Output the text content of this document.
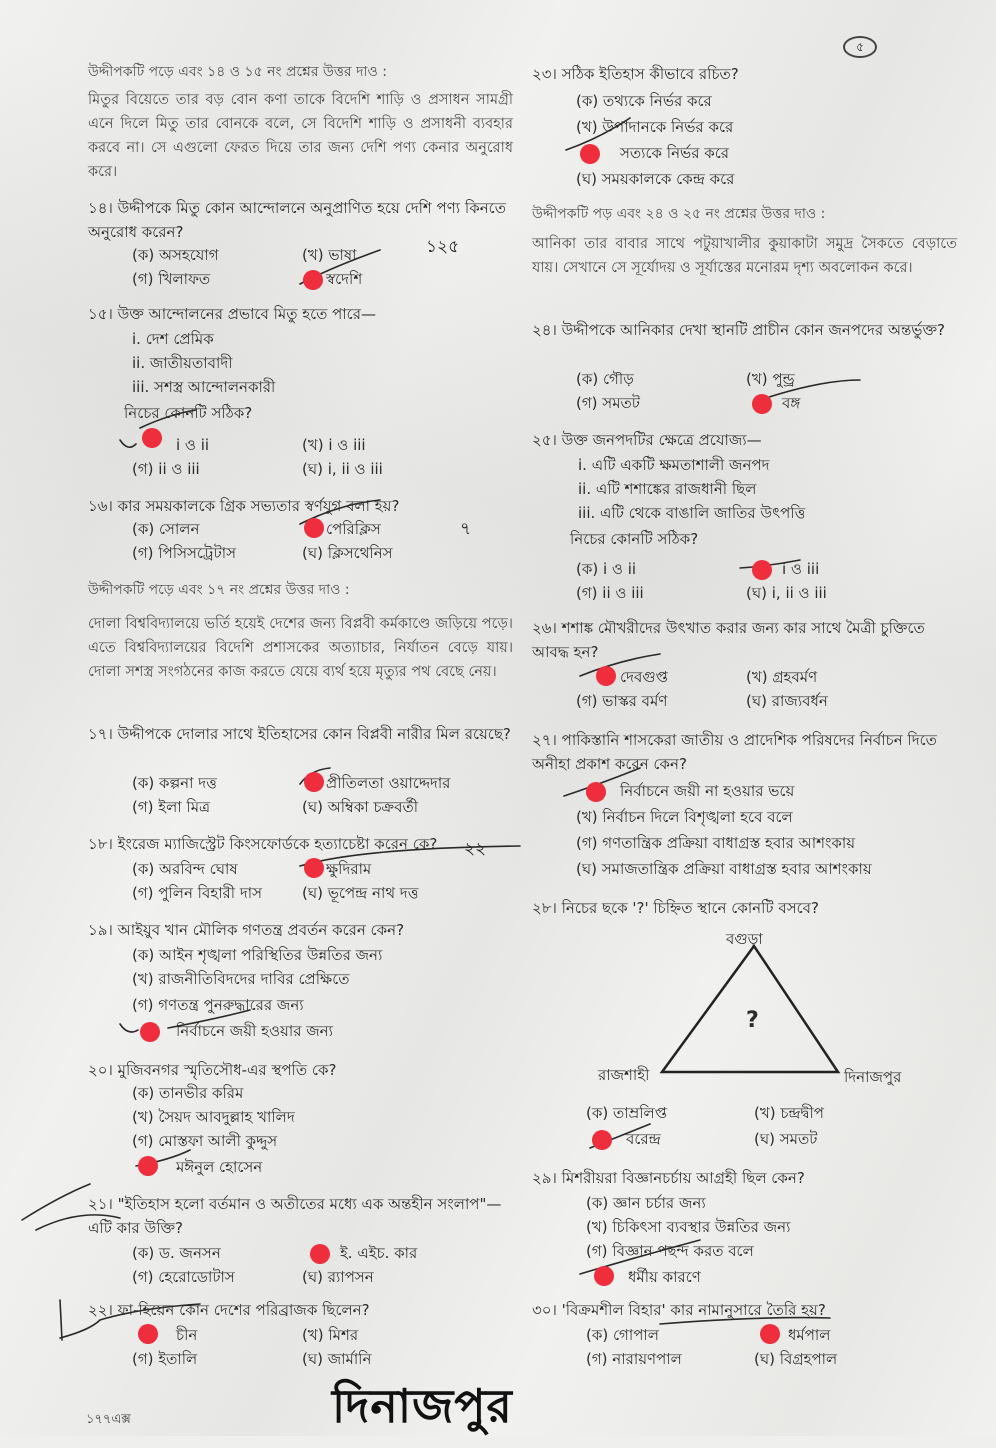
৫
উদ্দীপকটি পড়ে এবং ১৪ ও ১৫ নং প্রশ্নের উত্তর দাও :
মিতুর বিয়েতে তার বড় বোন কণা তাকে বিদেশি শাড়ি ও প্রসাধন সামগ্রী এনে দিলে মিতু তার বোনকে বলে, সে বিদেশি শাড়ি ও প্রসাধনী ব্যবহার করবে না। সে এগুলো ফেরত দিয়ে তার জন্য দেশি পণ্য কেনার অনুরোধ করে।
১৪। উদ্দীপকে মিতু কোন আন্দোলনে অনুপ্রাণিত হয়ে দেশি পণ্য কিনতে অনুরোধ করেন?
(ক) অসহযোগ	(খ) ভাষা
(গ) খিলাফত	স্বদেশি
১২৫
১৫। উক্ত আন্দোলনের প্রভাবে মিতু হতে পারে—
i. দেশ প্রেমিক
ii. জাতীয়তাবাদী
iii. সশস্ত্র আন্দোলনকারী
নিচের কোনটি সঠিক?
i ও ii	(খ) i ও iii
(গ) ii ও iii	(ঘ) i, ii ও iii
১৬। কার সময়কালকে গ্রিক সভ্যতার স্বর্ণযুগ বলা হয়?
(ক) সোলন	পেরিক্লিস
(গ) পিসিসট্রেটাস	(ঘ) ক্লিসথেনিস
৭
উদ্দীপকটি পড়ে এবং ১৭ নং প্রশ্নের উত্তর দাও :
দোলা বিশ্ববিদ্যালয়ে ভর্তি হয়েই দেশের জন্য বিপ্লবী কর্মকাণ্ডে জড়িয়ে পড়ে। এতে বিশ্ববিদ্যালয়ের বিদেশি প্রশাসকের অত্যাচার, নির্যাতন বেড়ে যায়। দোলা সশস্ত্র সংগঠনের কাজ করতে যেয়ে ব্যর্থ হয়ে মৃত্যুর পথ বেছে নেয়।
১৭। উদ্দীপকে দোলার সাথে ইতিহাসের কোন বিপ্লবী নারীর মিল রয়েছে?
(ক) কল্পনা দত্ত	প্রীতিলতা ওয়াদ্দেদার
(গ) ইলা মিত্র	(ঘ) অম্বিকা চক্রবর্তী
১৮। ইংরেজ ম্যাজিস্ট্রেট কিংসফোর্ডকে হত্যাচেষ্টা করেন কে?
(ক) অরবিন্দ ঘোষ	ক্ষুদিরাম
(গ) পুলিন বিহারী দাস	(ঘ) ভূপেন্দ্র নাথ দত্ত
২২
১৯। আইয়ুব খান মৌলিক গণতন্ত্র প্রবর্তন করেন কেন?
(ক) আইন শৃঙ্খলা পরিস্থিতির উন্নতির জন্য
(খ) রাজনীতিবিদদের দাবির প্রেক্ষিতে
(গ) গণতন্ত্র পুনরুদ্ধারের জন্য
নির্বাচনে জয়ী হওয়ার জন্য
২০। মুজিবনগর স্মৃতিসৌধ-এর স্থপতি কে?
(ক) তানভীর করিম
(খ) সৈয়দ আবদুল্লাহ খালিদ
(গ) মোস্তফা আলী কুদ্দুস
মঈনুল হোসেন
২১। "ইতিহাস হলো বর্তমান ও অতীতের মধ্যে এক অন্তহীন সংলাপ"—এটি কার উক্তি?
(ক) ড. জনসন	ই. এইচ. কার
(গ) হেরোডোটাস	(ঘ) র‍্যাপসন
২২। ফা-হিয়েন কোন দেশের পরিব্রাজক ছিলেন?
চীন	(খ) মিশর
(গ) ইতালি	(ঘ) জার্মানি
২৩। সঠিক ইতিহাস কীভাবে রচিত?
(ক) তথ্যকে নির্ভর করে
(খ) উপাদানকে নির্ভর করে
সত্যকে নির্ভর করে
(ঘ) সময়কালকে কেন্দ্র করে
উদ্দীপকটি পড় এবং ২৪ ও ২৫ নং প্রশ্নের উত্তর দাও :
আনিকা তার বাবার সাথে পটুয়াখালীর কুয়াকাটা সমুদ্র সৈকতে বেড়াতে যায়। সেখানে সে সূর্যোদয় ও সূর্যাস্তের মনোরম দৃশ্য অবলোকন করে।
২৪। উদ্দীপকে আনিকার দেখা স্থানটি প্রাচীন কোন জনপদের অন্তর্ভুক্ত?
(ক) গৌড়	(খ) পুন্ড্র
(গ) সমতট	বঙ্গ
২৫। উক্ত জনপদটির ক্ষেত্রে প্রযোজ্য—
i. এটি একটি ক্ষমতাশালী জনপদ
ii. এটি শশাঙ্কের রাজধানী ছিল
iii. এটি থেকে বাঙালি জাতির উৎপত্তি
নিচের কোনটি সঠিক?
(ক) i ও ii	i ও iii
(গ) ii ও iii	(ঘ) i, ii ও iii
২৬। শশাঙ্ক মৌখরীদের উৎখাত করার জন্য কার সাথে মৈত্রী চুক্তিতে আবদ্ধ হন?
দেবগুপ্ত	(খ) গ্রহবর্মণ
(গ) ভাস্কর বর্মণ	(ঘ) রাজ্যবর্ধন
২৭। পাকিস্তানি শাসকেরা জাতীয় ও প্রাদেশিক পরিষদের নির্বাচন দিতে অনীহা প্রকাশ করেন কেন?
নির্বাচনে জয়ী না হওয়ার ভয়ে
(খ) নির্বাচন দিলে বিশৃঙ্খলা হবে বলে
(গ) গণতান্ত্রিক প্রক্রিয়া বাধাগ্রস্ত হবার আশংকায়
(ঘ) সমাজতান্ত্রিক প্রক্রিয়া বাধাগ্রস্ত হবার আশংকায়
২৮। নিচের ছকে '?' চিহ্নিত স্থানে কোনটি বসবে?
বগুড়া
রাজশাহী	দিনাজপুর
?
(ক) তাম্রলিপ্ত	(খ) চন্দ্রদ্বীপ
বরেন্দ্র	(ঘ) সমতট
২৯। মিশরীয়রা বিজ্ঞানচর্চায় আগ্রহী ছিল কেন?
(ক) জ্ঞান চর্চার জন্য
(খ) চিকিৎসা ব্যবস্থার উন্নতির জন্য
(গ) বিজ্ঞান পছন্দ করত বলে
ধর্মীয় কারণে
৩০। 'বিক্রমশীল বিহার' কার নামানুসারে তৈরি হয়?
(ক) গোপাল	ধর্মপাল
(গ) নারায়ণপাল	(ঘ) বিগ্রহপাল
দিনাজপুর
১৭৭এক্স
